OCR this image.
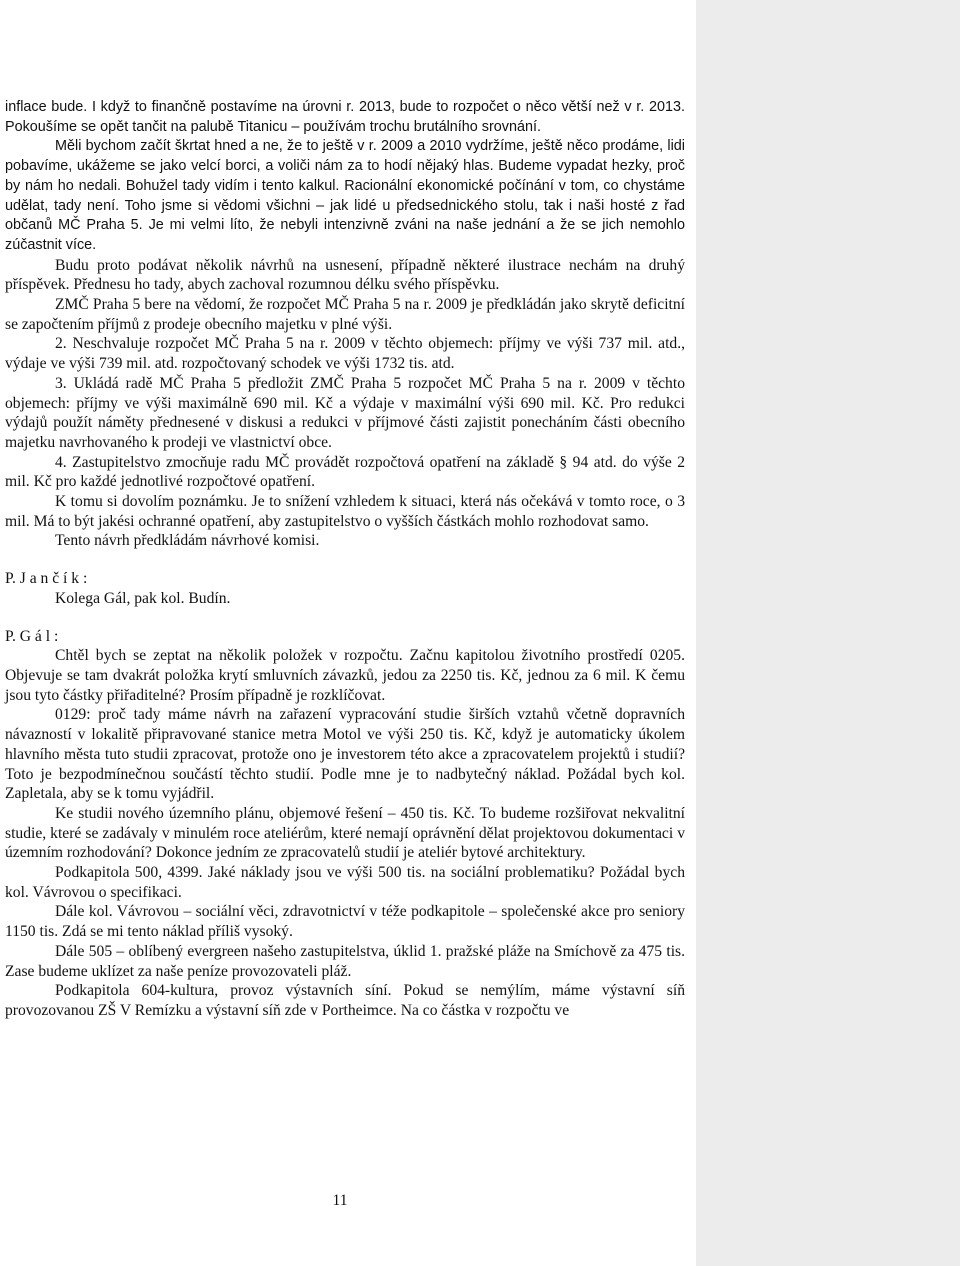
inflace bude. I když to finančně postavíme na úrovni r. 2013, bude to rozpočet o něco větší než v r. 2013. Pokoušíme se opět tančit na palubě Titanicu – používám trochu brutálního srovnání.

Měli bychom začít škrtat hned a ne, že to ještě v r. 2009 a 2010 vydržíme, ještě něco prodáme, lidi pobavíme, ukážeme se jako velcí borci, a voliči nám za to hodí nějaký hlas. Budeme vypadat hezky, proč by nám ho nedali. Bohužel tady vidím i tento kalkul. Racionální ekonomické počínání v tom, co chystáme udělat, tady není. Toho jsme si vědomi všichni – jak lidé u předsednického stolu, tak i naši hosté z řad občanů MČ Praha 5. Je mi velmi líto, že nebyli intenzivně zváni na naše jednání a že se jich nemohlo zúčastnit více.

Budu proto podávat několik návrhů na usnesení, případně některé ilustrace nechám na druhý příspěvek. Přednesu ho tady, abych zachoval rozumnou délku svého příspěvku.

ZMČ Praha 5 bere na vědomí, že rozpočet MČ Praha 5 na r. 2009 je předkládán jako skrytě deficitní se započtením příjmů z prodeje obecního majetku v plné výši.

2. Neschvaluje rozpočet MČ Praha 5 na r. 2009 v těchto objemech: příjmy ve výši 737 mil. atd., výdaje ve výši 739 mil. atd. rozpočtovaný schodek ve výši 1732 tis. atd.

3. Ukládá radě MČ Praha 5 předložit ZMČ Praha 5 rozpočet MČ Praha 5 na r. 2009 v těchto objemech: příjmy ve výši maximálně 690 mil. Kč a výdaje v maximální výši 690 mil. Kč. Pro redukci výdajů použít náměty přednesené v diskusi a redukci v příjmové části zajistit ponecháním části obecního majetku navrhovaného k prodeji ve vlastnictví obce.

4. Zastupitelstvo zmocňuje radu MČ provádět rozpočtová opatření na základě § 94 atd. do výše 2 mil. Kč pro každé jednotlivé rozpočtové opatření.

K tomu si dovolím poznámku. Je to snížení vzhledem k situaci, která nás očekává v tomto roce, o 3 mil. Má to být jakési ochranné opatření, aby zastupitelstvo o vyšších částkách mohlo rozhodovat samo.

Tento návrh předkládám návrhové komisi.

P. J a n č í k :

Kolega Gál, pak kol. Budín.

P. G á l :

Chtěl bych se zeptat na několik položek v rozpočtu. Začnu kapitolou životního prostředí 0205. Objevuje se tam dvakrát položka krytí smluvních závazků, jedou za 2250 tis. Kč, jednou za 6 mil. K čemu jsou tyto částky přiřaditelné? Prosím případně je rozklíčovat.

0129: proč tady máme návrh na zařazení vypracování studie širších vztahů včetně dopravních návazností v lokalitě připravované stanice metra Motol ve výši 250 tis. Kč, když je automaticky úkolem hlavního města tuto studii zpracovat, protože ono je investorem této akce a zpracovatelem projektů i studií? Toto je bezpodmínečnou součástí těchto studií. Podle mne je to nadbytečný náklad. Požádal bych kol. Zapletala, aby se k tomu vyjádřil.

Ke studii nového územního plánu, objemové řešení – 450 tis. Kč. To budeme rozšiřovat nekvalitní studie, které se zadávaly v minulém roce ateliérům, které nemají oprávnění dělat projektovou dokumentaci v územním rozhodování? Dokonce jedním ze zpracovatelů studií je ateliér bytové architektury.

Podkapitola 500, 4399. Jaké náklady jsou ve výši 500 tis. na sociální problematiku? Požádal bych kol. Vávrovou o specifikaci.

Dále kol. Vávrovou – sociální věci, zdravotnictví v téže podkapitole – společenské akce pro seniory 1150 tis. Zdá se mi tento náklad příliš vysoký.

Dále 505 – oblíbený evergreen našeho zastupitelstva, úklid 1. pražské pláže na Smíchově za 475 tis. Zase budeme uklízet za naše peníze provozovateli pláž.

Podkapitola 604-kultura, provoz výstavních síní. Pokud se nemýlím, máme výstavní síň provozovanou ZŠ V Remízku a výstavní síň zde v Portheimce. Na co částka v rozpočtu ve

11
